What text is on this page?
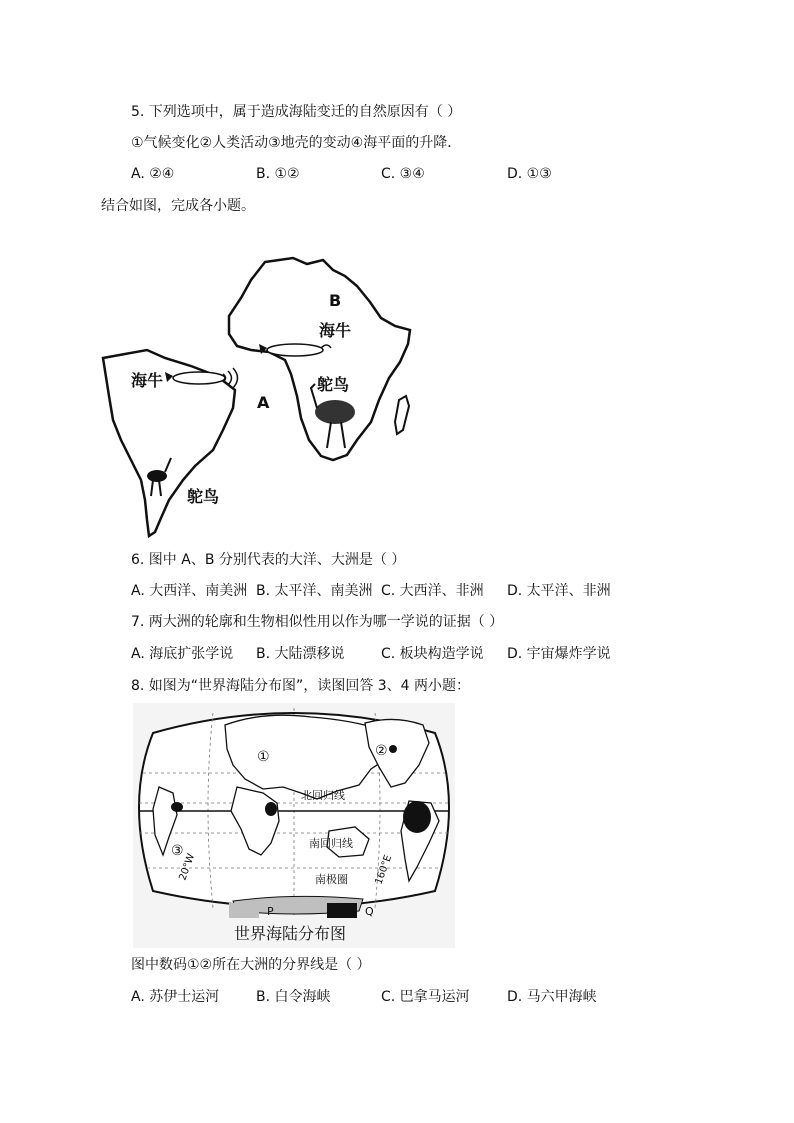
5. 下列选项中，属于造成海陆变迁的自然原因有（ ）
①气候变化②人类活动③地壳的变动④海平面的升降．
A. ②④	B. ①②	C. ③④	D. ①③
结合如图，完成各小题。
B
海牛
鸵鸟
A
海牛
鸵鸟
6. 图中 A、B 分别代表的大洋、大洲是（ ）
A. 大西洋、南美洲 B. 太平洋、南美洲 C. 大西洋、非洲 D. 太平洋、非洲
7. 两大洲的轮廓和生物相似性用以作为哪一学说的证据（ ）
A. 海底扩张学说 B. 大陆漂移说	C. 板块构造学说 D. 宇宙爆炸学说
8. 如图为“世界海陆分布图”，读图回答 3、4 两小题：
①	②
③
北回归线
南回归线
南极圈
20°W	160°E
P	Q
世界海陆分布图
图中数码①②所在大洲的分界线是（ ）
A. 苏伊士运河	B. 白令海峡	C. 巴拿马运河	D. 马六甲海峡
